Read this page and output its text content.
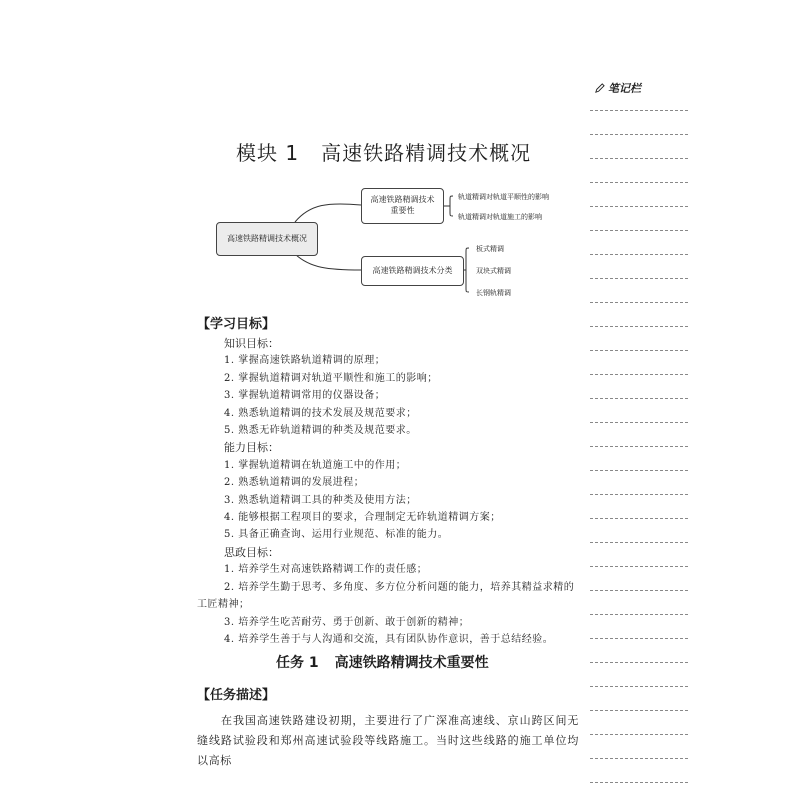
笔记栏
模块 1 高速铁路精调技术概况
高速铁路精调技术概况
高速铁路精调技术重要性
高速铁路精调技术分类
轨道精调对轨道平顺性的影响
轨道精调对轨道施工的影响
板式精调
双块式精调
长钢轨精调
【学习目标】
知识目标：
1. 掌握高速铁路轨道精调的原理；
2. 掌握轨道精调对轨道平顺性和施工的影响；
3. 掌握轨道精调常用的仪器设备；
4. 熟悉轨道精调的技术发展及规范要求；
5. 熟悉无砟轨道精调的种类及规范要求。
能力目标：
1. 掌握轨道精调在轨道施工中的作用；
2. 熟悉轨道精调的发展进程；
3. 熟悉轨道精调工具的种类及使用方法；
4. 能够根据工程项目的要求，合理制定无砟轨道精调方案；
5. 具备正确查询、运用行业规范、标准的能力。
思政目标：
1. 培养学生对高速铁路精调工作的责任感；
2. 培养学生勤于思考、多角度、多方位分析问题的能力，培养其精益求精的
工匠精神；
3. 培养学生吃苦耐劳、勇于创新、敢于创新的精神；
4. 培养学生善于与人沟通和交流，具有团队协作意识，善于总结经验。
任务 1 高速铁路精调技术重要性
【任务描述】
在我国高速铁路建设初期，主要进行了广深准高速线、京山跨区间无缝线路试验段和郑州高速试验段等线路施工。当时这些线路的施工单位均以高标
